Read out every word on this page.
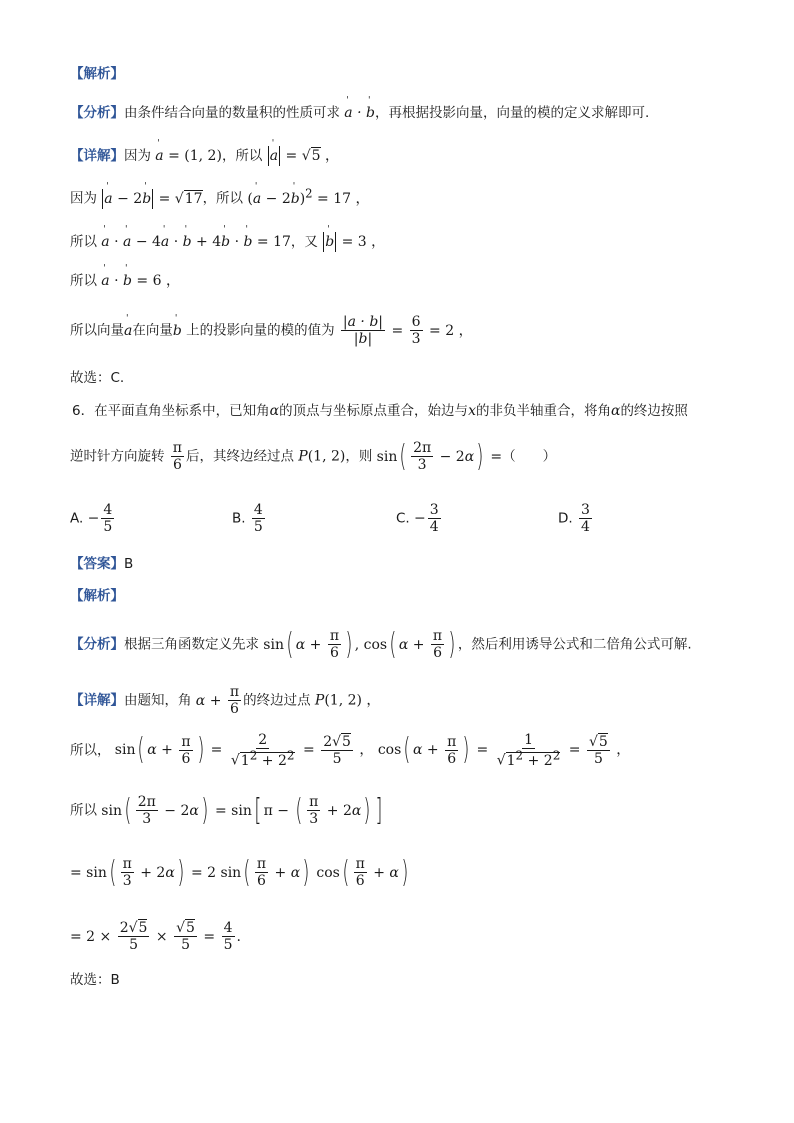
【解析】
【分析】由条件结合向量的数量积的性质可求 ' a · ' b，再根据投影向量，向量的模的定义求解即可.
【详解】因为 ' a = (1, 2)，所以 ' a = √5 ，
因为 ' a − 2' b = √17，所以 (' a − 2' b)$^2$ = 17 ，
所以 ' a · ' a − 4' a · ' b + 4' b · ' b = 17，又 ' b = 3 ，
所以 ' a · ' b = 6 ，
所以向量' a在向量' b 上的投影向量的模的值为 $\frac{|a \cdot b|}{|b|} = \frac{6}{3} = 2$ ，
故选：C.
6．在平面直角坐标系中，已知角α的顶点与坐标原点重合，始边与x的非负半轴重合，将角α的终边按照
逆时针方向旋转 $\frac{\pi}{6}$ 后，其终边经过点 P(1, 2)，则 $\sin( \frac{2\pi}{3} - 2\alpha)$ =（　　）
A. − $\frac{4}{5}$	B. $\frac{4}{5}$	C. − $\frac{3}{4}$	D. $\frac{3}{4}$
【答案】B
【解析】
【分析】根据三角函数定义先求 sin( $\alpha + \frac{\pi}{6}$ ) , cos( $\alpha + \frac{\pi}{6}$ ) ，然后利用诱导公式和二倍角公式可解.
【详解】由题知，角 $\alpha + \frac{\pi}{6}$ 的终边过点 P(1, 2) ，
所以， sin( $\alpha + \frac{\pi}{6}$ ) = $\frac{2}{√1^2 + 2^2} = \frac{2√5}{5}$ ， cos( $\alpha + \frac{\pi}{6}$ ) = $\frac{1}{√1^2 + 2^2} = \frac{√5}{5}$ ，
所以 $\sin( \frac{2\pi}{3} - 2\alpha) = \sin$[ π − ( $\frac{\pi}{3} + 2\alpha$) ]
= $\sin( \frac{\pi}{3} + 2\alpha) = 2$ $\sin( \frac{\pi}{6} + \alpha)$ $\cos( \frac{\pi}{6} + \alpha)$
= $2 \times \frac{2√5}{5} \times \frac{√5}{5} = \frac{4}{5}$ .
故选：B
